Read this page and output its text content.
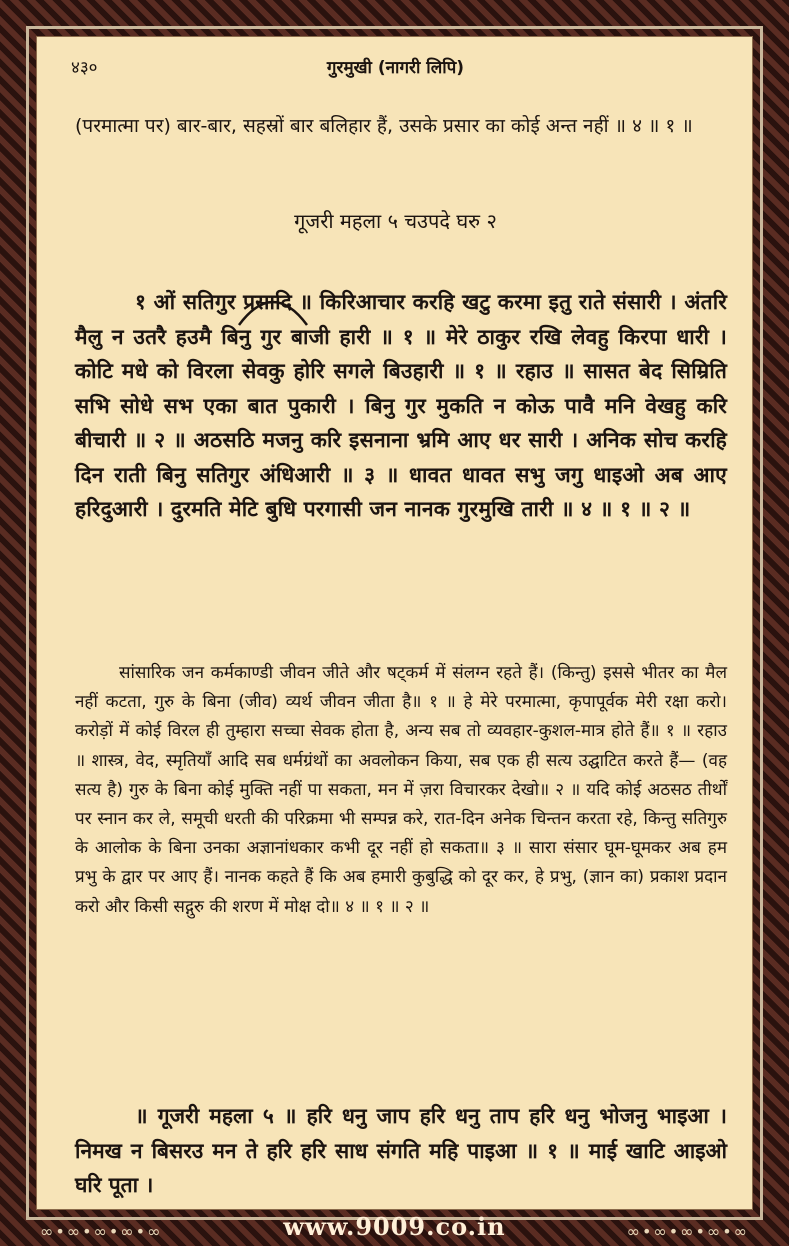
४३०	गुरमुखी (नागरी लिपि)
(परमात्मा पर) बार-बार, सहस्रों बार बलिहार हैं, उसके प्रसार का कोई अन्त नहीं ॥ ४ ॥ १ ॥
गूजरी महला ५ चउपदे घरु २
१ ओं सतिगुर प्रसादि ॥ किरिआचार करहि खटु करमा इतु राते संसारी । अंतरि मैलु न उतरै हउमै बिनु गुर बाजी हारी ॥ १ ॥ मेरे ठाकुर रखि लेवहु किरपा धारी । कोटि मधे को विरला सेवकु होरि सगले बिउहारी ॥ १ ॥ रहाउ ॥ सासत बेद सिम्रिति सभि सोधे सभ एका बात पुकारी । बिनु गुर मुकति न कोऊ पावै मनि वेखहु करि बीचारी ॥ २ ॥ अठसठि मजनु करि इसनाना भ्रमि आए धर सारी । अनिक सोच करहि दिन राती बिनु सतिगुर अंधिआरी ॥ ३ ॥ धावत धावत सभु जगु धाइओ अब आए हरिदुआरी । दुरमति मेटि बुधि परगासी जन नानक गुरमुखि तारी ॥ ४ ॥ १ ॥ २ ॥
सांसारिक जन कर्मकाण्डी जीवन जीते और षट्कर्म में संलग्न रहते हैं। (किन्तु) इससे भीतर का मैल नहीं कटता, गुरु के बिना (जीव) व्यर्थ जीवन जीता है॥ १ ॥ हे मेरे परमात्मा, कृपापूर्वक मेरी रक्षा करो। करोड़ों में कोई विरल ही तुम्हारा सच्चा सेवक होता है, अन्य सब तो व्यवहार-कुशल-मात्र होते हैं॥ १ ॥ रहाउ ॥ शास्त्र, वेद, स्मृतियाँ आदि सब धर्मग्रंथों का अवलोकन किया, सब एक ही सत्य उद्घाटित करते हैं— (वह सत्य है) गुरु के बिना कोई मुक्ति नहीं पा सकता, मन में ज़रा विचारकर देखो॥ २ ॥ यदि कोई अठसठ तीर्थों पर स्नान कर ले, समूची धरती की परिक्रमा भी सम्पन्न करे, रात-दिन अनेक चिन्तन करता रहे, किन्तु सतिगुरु के आलोक के बिना उनका अज्ञानांधकार कभी दूर नहीं हो सकता॥ ३ ॥ सारा संसार घूम-घूमकर अब हम प्रभु के द्वार पर आए हैं। नानक कहते हैं कि अब हमारी कुबुद्धि को दूर कर, हे प्रभु, (ज्ञान का) प्रकाश प्रदान करो और किसी सद्गुरु की शरण में मोक्ष दो॥ ४ ॥ १ ॥ २ ॥
॥ गूजरी महला ५ ॥ हरि धनु जाप हरि धनु ताप हरि धनु भोजनु भाइआ । निमख न बिसरउ मन ते हरि हरि साध संगति महि पाइआ ॥ १ ॥ माई खाटि आइओ घरि पूता ।
∞•∞•∞•∞•∞	www.9009.co.in	∞•∞•∞•∞•∞
